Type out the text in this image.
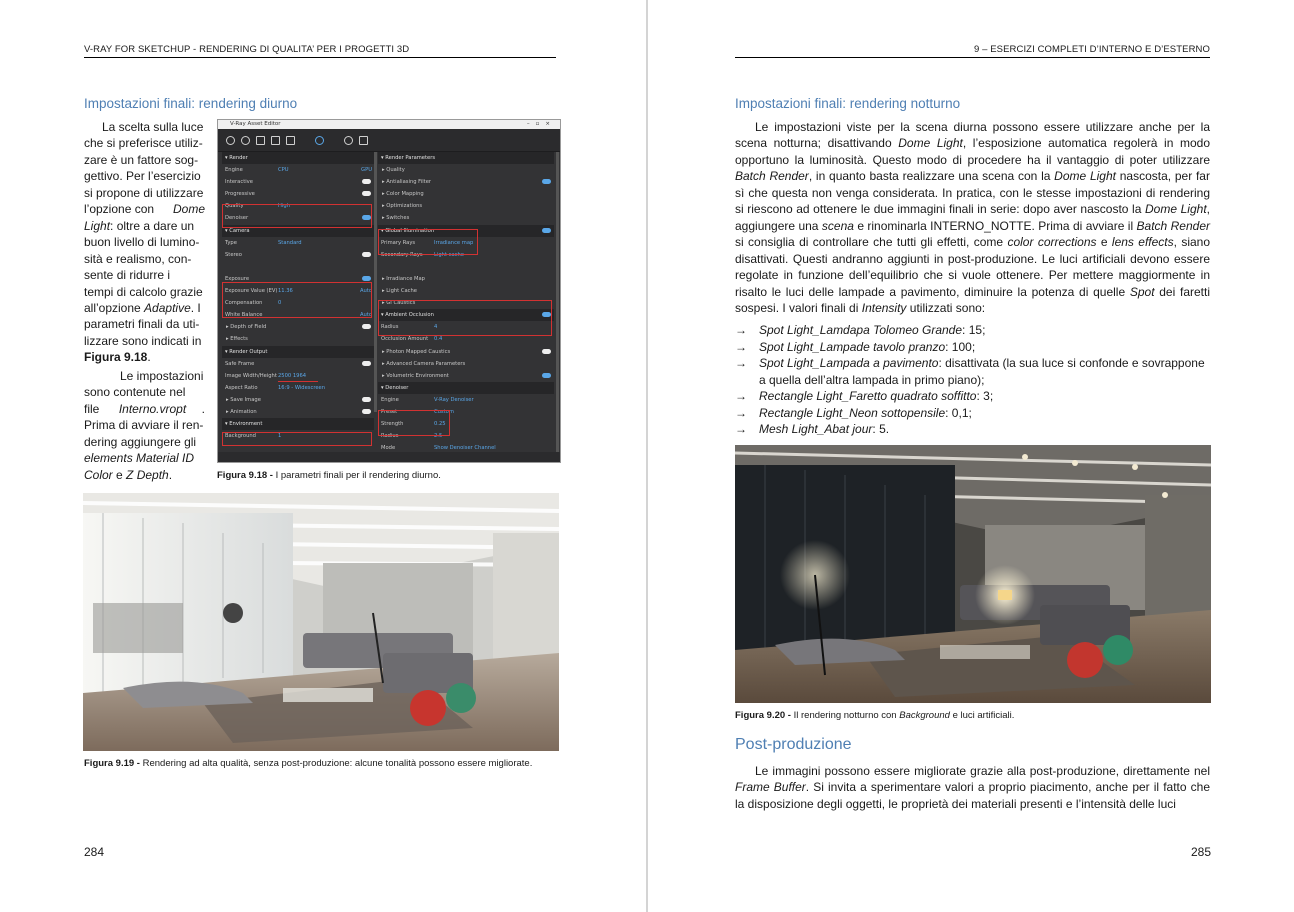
V-RAY FOR SKETCHUP - RENDERING DI QUALITA’ PER I PROGETTI 3D
Impostazioni finali: rendering diurno
La scelta sulla luce
che si preferisce utiliz-
zare è un fattore sog-
gettivo. Per l’esercizio
si propone di utilizzare
l’opzione con Dome
Light: oltre a dare un
buon livello di lumino-
sità e realismo, con-
sente di ridurre i
tempi di calcolo grazie
all’opzione Adaptive. I
parametri finali da uti-
lizzare sono indicati in
Figura 9.18.
Le impostazioni
sono contenute nel
file Interno.vropt .
Prima di avviare il ren-
dering aggiungere gli
elements Material ID
Color e Z Depth.
V-Ray Asset Editor	–▫×
▾ Render
Engine	CPU	GPU
Interactive
Progressive
Quality	High
Denoiser
▾ Camera
Type	Standard
Stereo
Exposure
Exposure Value (EV) 11.36	Auto
Compensation	0
White Balance	Auto
▸ Depth of Field
▸ Effects
▾ Render Output
Safe Frame
Image Width/Height 2500 1964
Aspect Ratio	16:9 - Widescreen
▸ Save Image
▸ Animation
▾ Environment
Background	1
▾ Render Parameters
▸ Quality
▸ Antialiasing Filter
▸ Color Mapping
▸ Optimizations
▸ Switches
▾ Global Illumination
Primary Rays	Irradiance map
Secondary Rays Light cache
▸ Irradiance Map
▸ Light Cache
▸ GI Caustics
▾ Ambient Occlusion
Radius	4
Occlusion Amount 0.4
▸ Photon Mapped Caustics
▸ Advanced Camera Parameters
▸ Volumetric Environment
▾ Denoiser
Engine	V-Ray Denoiser
Preset	Custom
Strength	0.25
Radius	2.5
Mode	Show Denoiser Channel
Figura 9.18 - I parametri finali per il rendering diurno.
Figura 9.19 - Rendering ad alta qualità, senza post-produzione: alcune tonalità possono essere migliorate.
284
9 – ESERCIZI COMPLETI D’INTERNO E D’ESTERNO
Impostazioni finali: rendering notturno

Le impostazioni viste per la scena diurna possono essere utilizzare anche per la scena notturna; disattivando Dome Light, l’esposizione automatica regolerà in modo opportuno la luminosità. Questo modo di procedere ha il vantaggio di poter utilizzare Batch Render, in quanto basta realizzare una scena con la Dome Light nascosta, per far sì che questa non venga considerata. In pratica, con le stesse impostazioni di rendering si riescono ad ottenere le due immagini finali in serie: dopo aver nascosto la Dome Light, aggiungere una scena e rinominarla INTERNO_NOTTE. Prima di avviare il Batch Render si consiglia di controllare che tutti gli effetti, come color corrections e lens effects, siano disattivati. Questi andranno aggiunti in post-produzione. Le luci artificiali devono essere regolate in funzione dell’equilibrio che si vuole ottenere. Per mettere maggiormente in risalto le luci delle lampade a pavimento, diminuire la potenza di quelle Spot dei faretti sospesi. I valori finali di Intensity utilizzati sono:

→	Spot Light_Lamdapa Tolomeo Grande: 15;
→	Spot Light_Lampade tavolo pranzo: 100;
→	Spot Light_Lampada a pavimento: disattivata (la sua luce si confonde e sovrappone a quella dell’altra lampada in primo piano);
→	Rectangle Light_Faretto quadrato soffitto: 3;
→	Rectangle Light_Neon sottopensile: 0,1;
→	Mesh Light_Abat jour: 5.
Figura 9.20 - Il rendering notturno con Background e luci artificiali.
Post-produzione

Le immagini possono essere migliorate grazie alla post-produzione, direttamente nel Frame Buffer. Si invita a sperimentare valori a proprio piacimento, anche per il fatto che la disposizione degli oggetti, le proprietà dei materiali presenti e l’intensità delle luci

285
